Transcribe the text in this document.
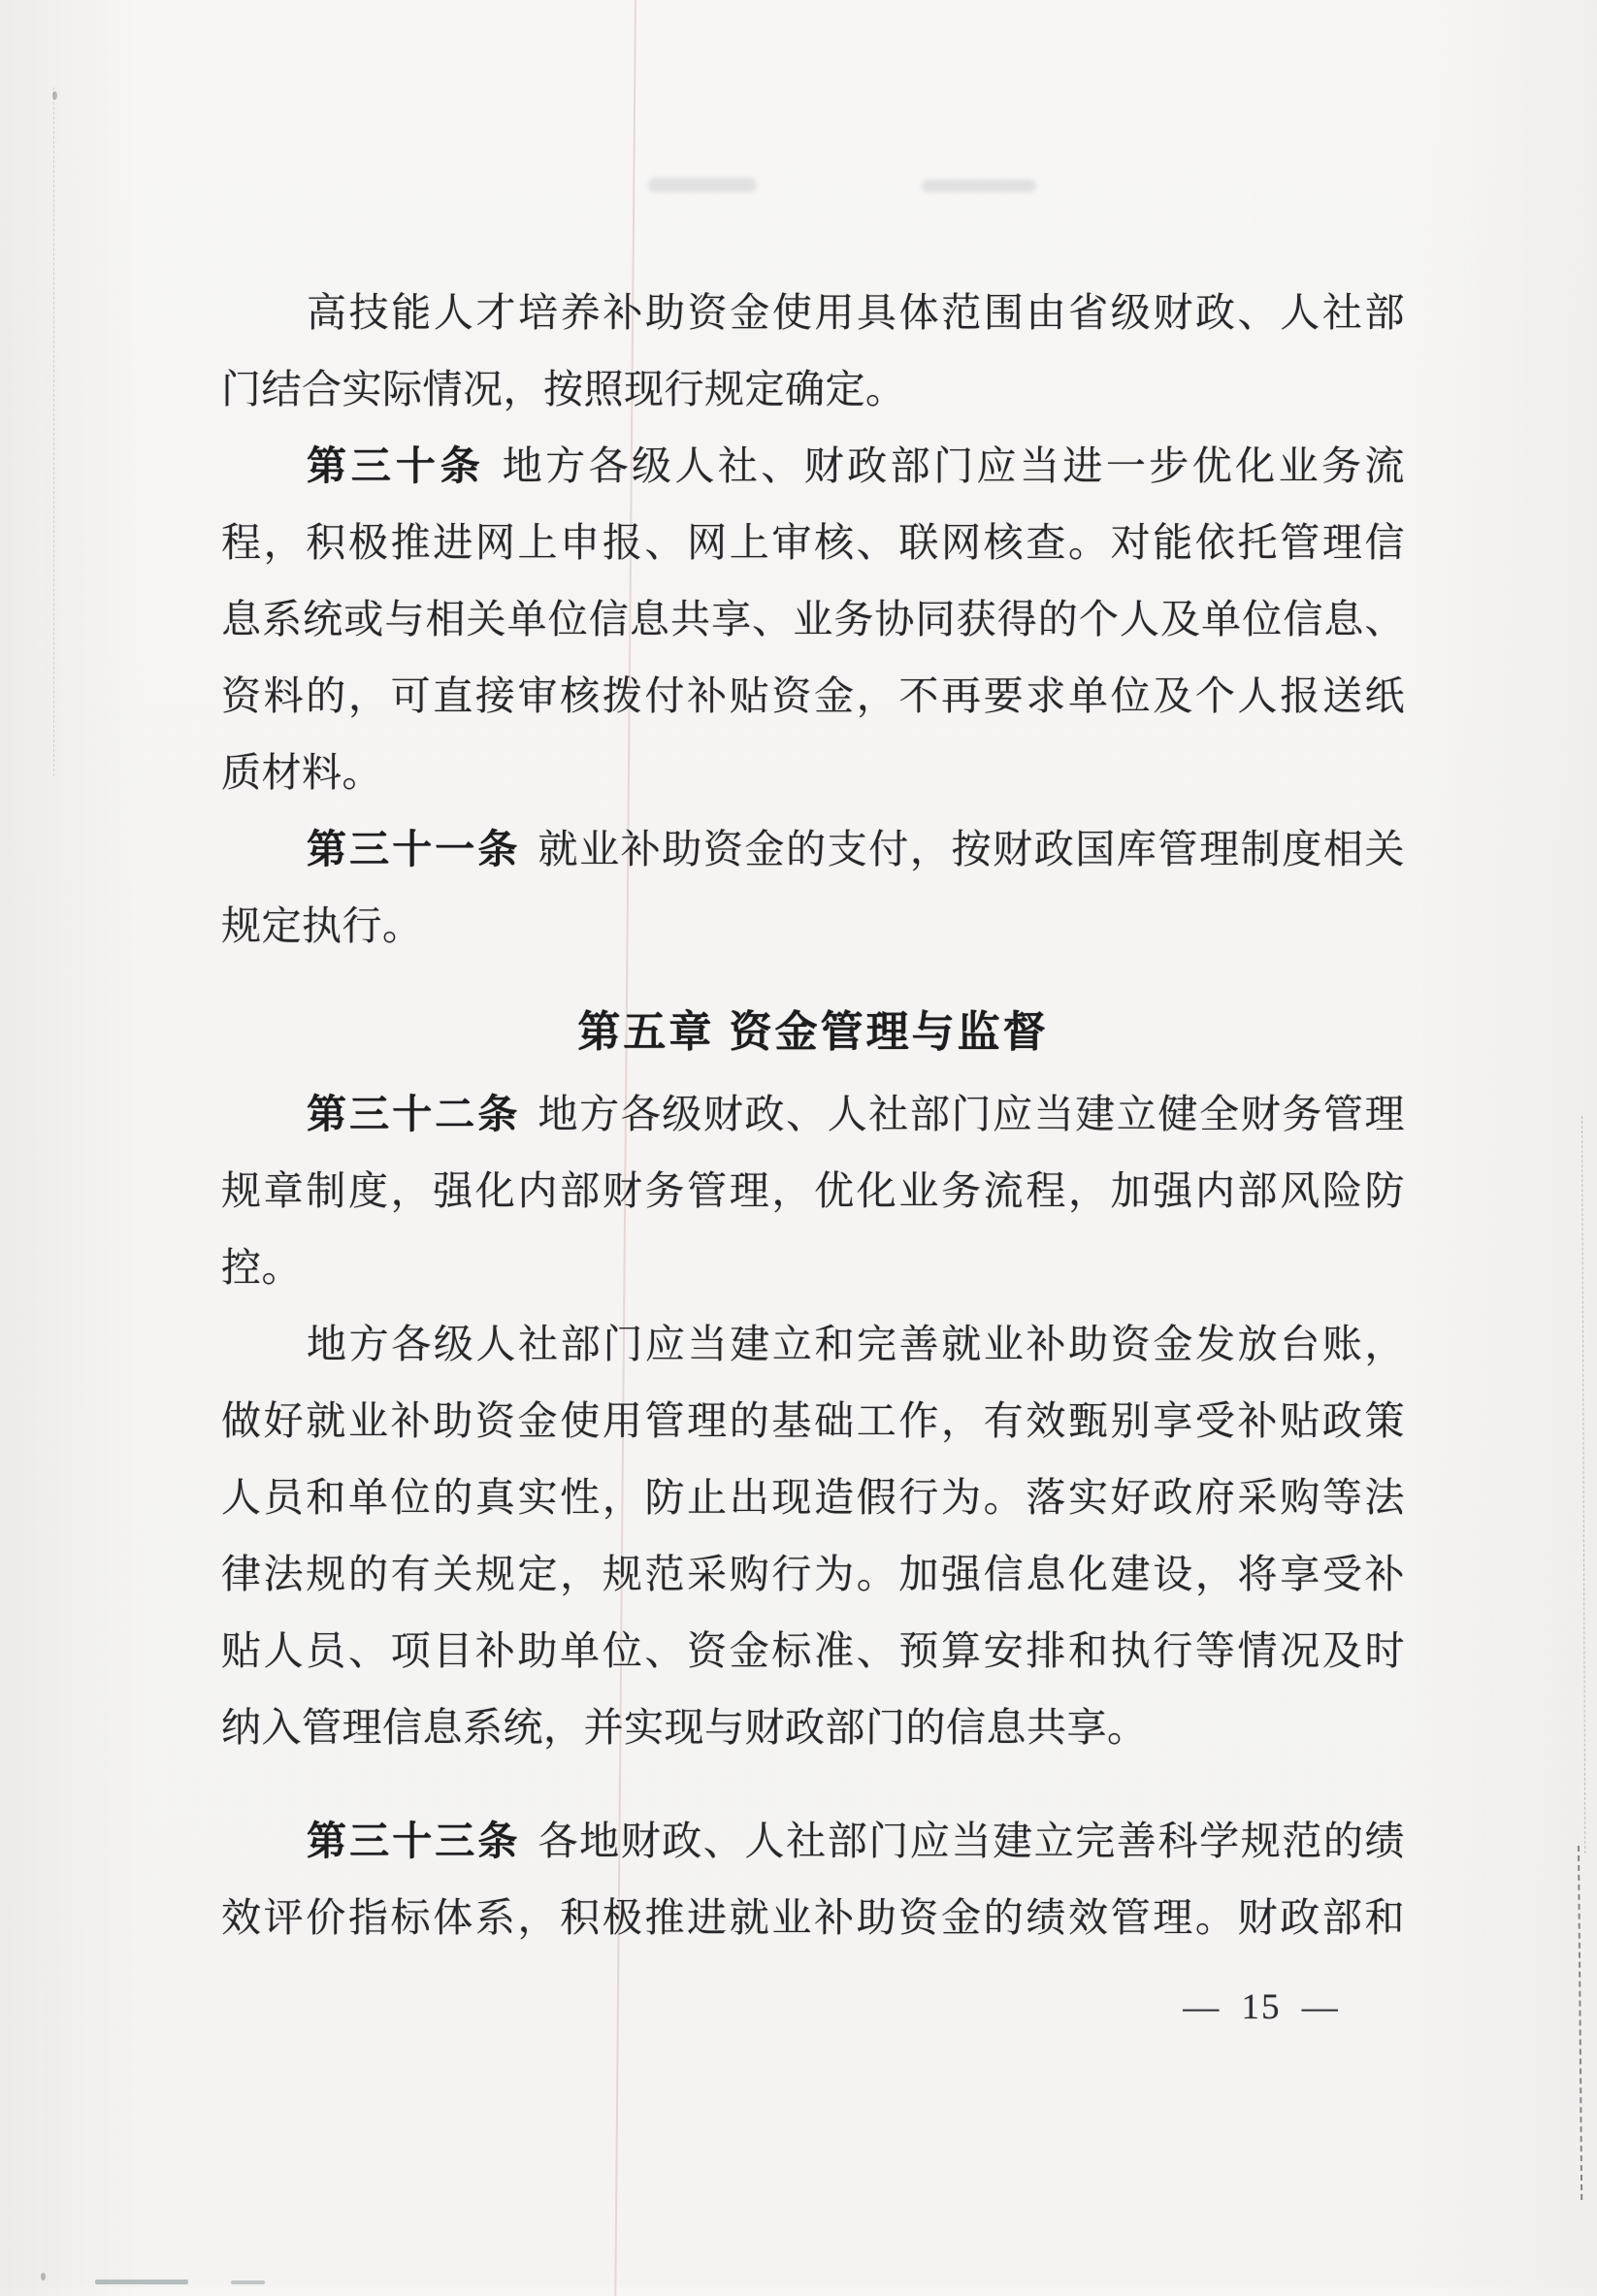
高技能人才培养补助资金使用具体范围由省级财政、人社部
门结合实际情况，按照现行规定确定。
第三十条 地方各级人社、财政部门应当进一步优化业务流
程，积极推进网上申报、网上审核、联网核查。对能依托管理信
息系统或与相关单位信息共享、业务协同获得的个人及单位信息、
资料的，可直接审核拨付补贴资金，不再要求单位及个人报送纸
质材料。
第三十一条 就业补助资金的支付，按财政国库管理制度相关
规定执行。
第五章 资金管理与监督
第三十二条 地方各级财政、人社部门应当建立健全财务管理
规章制度，强化内部财务管理，优化业务流程，加强内部风险防
控。
地方各级人社部门应当建立和完善就业补助资金发放台账，
做好就业补助资金使用管理的基础工作，有效甄别享受补贴政策
人员和单位的真实性，防止出现造假行为。落实好政府采购等法
律法规的有关规定，规范采购行为。加强信息化建设，将享受补
贴人员、项目补助单位、资金标准、预算安排和执行等情况及时
纳入管理信息系统，并实现与财政部门的信息共享。
第三十三条 各地财政、人社部门应当建立完善科学规范的绩
效评价指标体系，积极推进就业补助资金的绩效管理。财政部和
— 15 —
